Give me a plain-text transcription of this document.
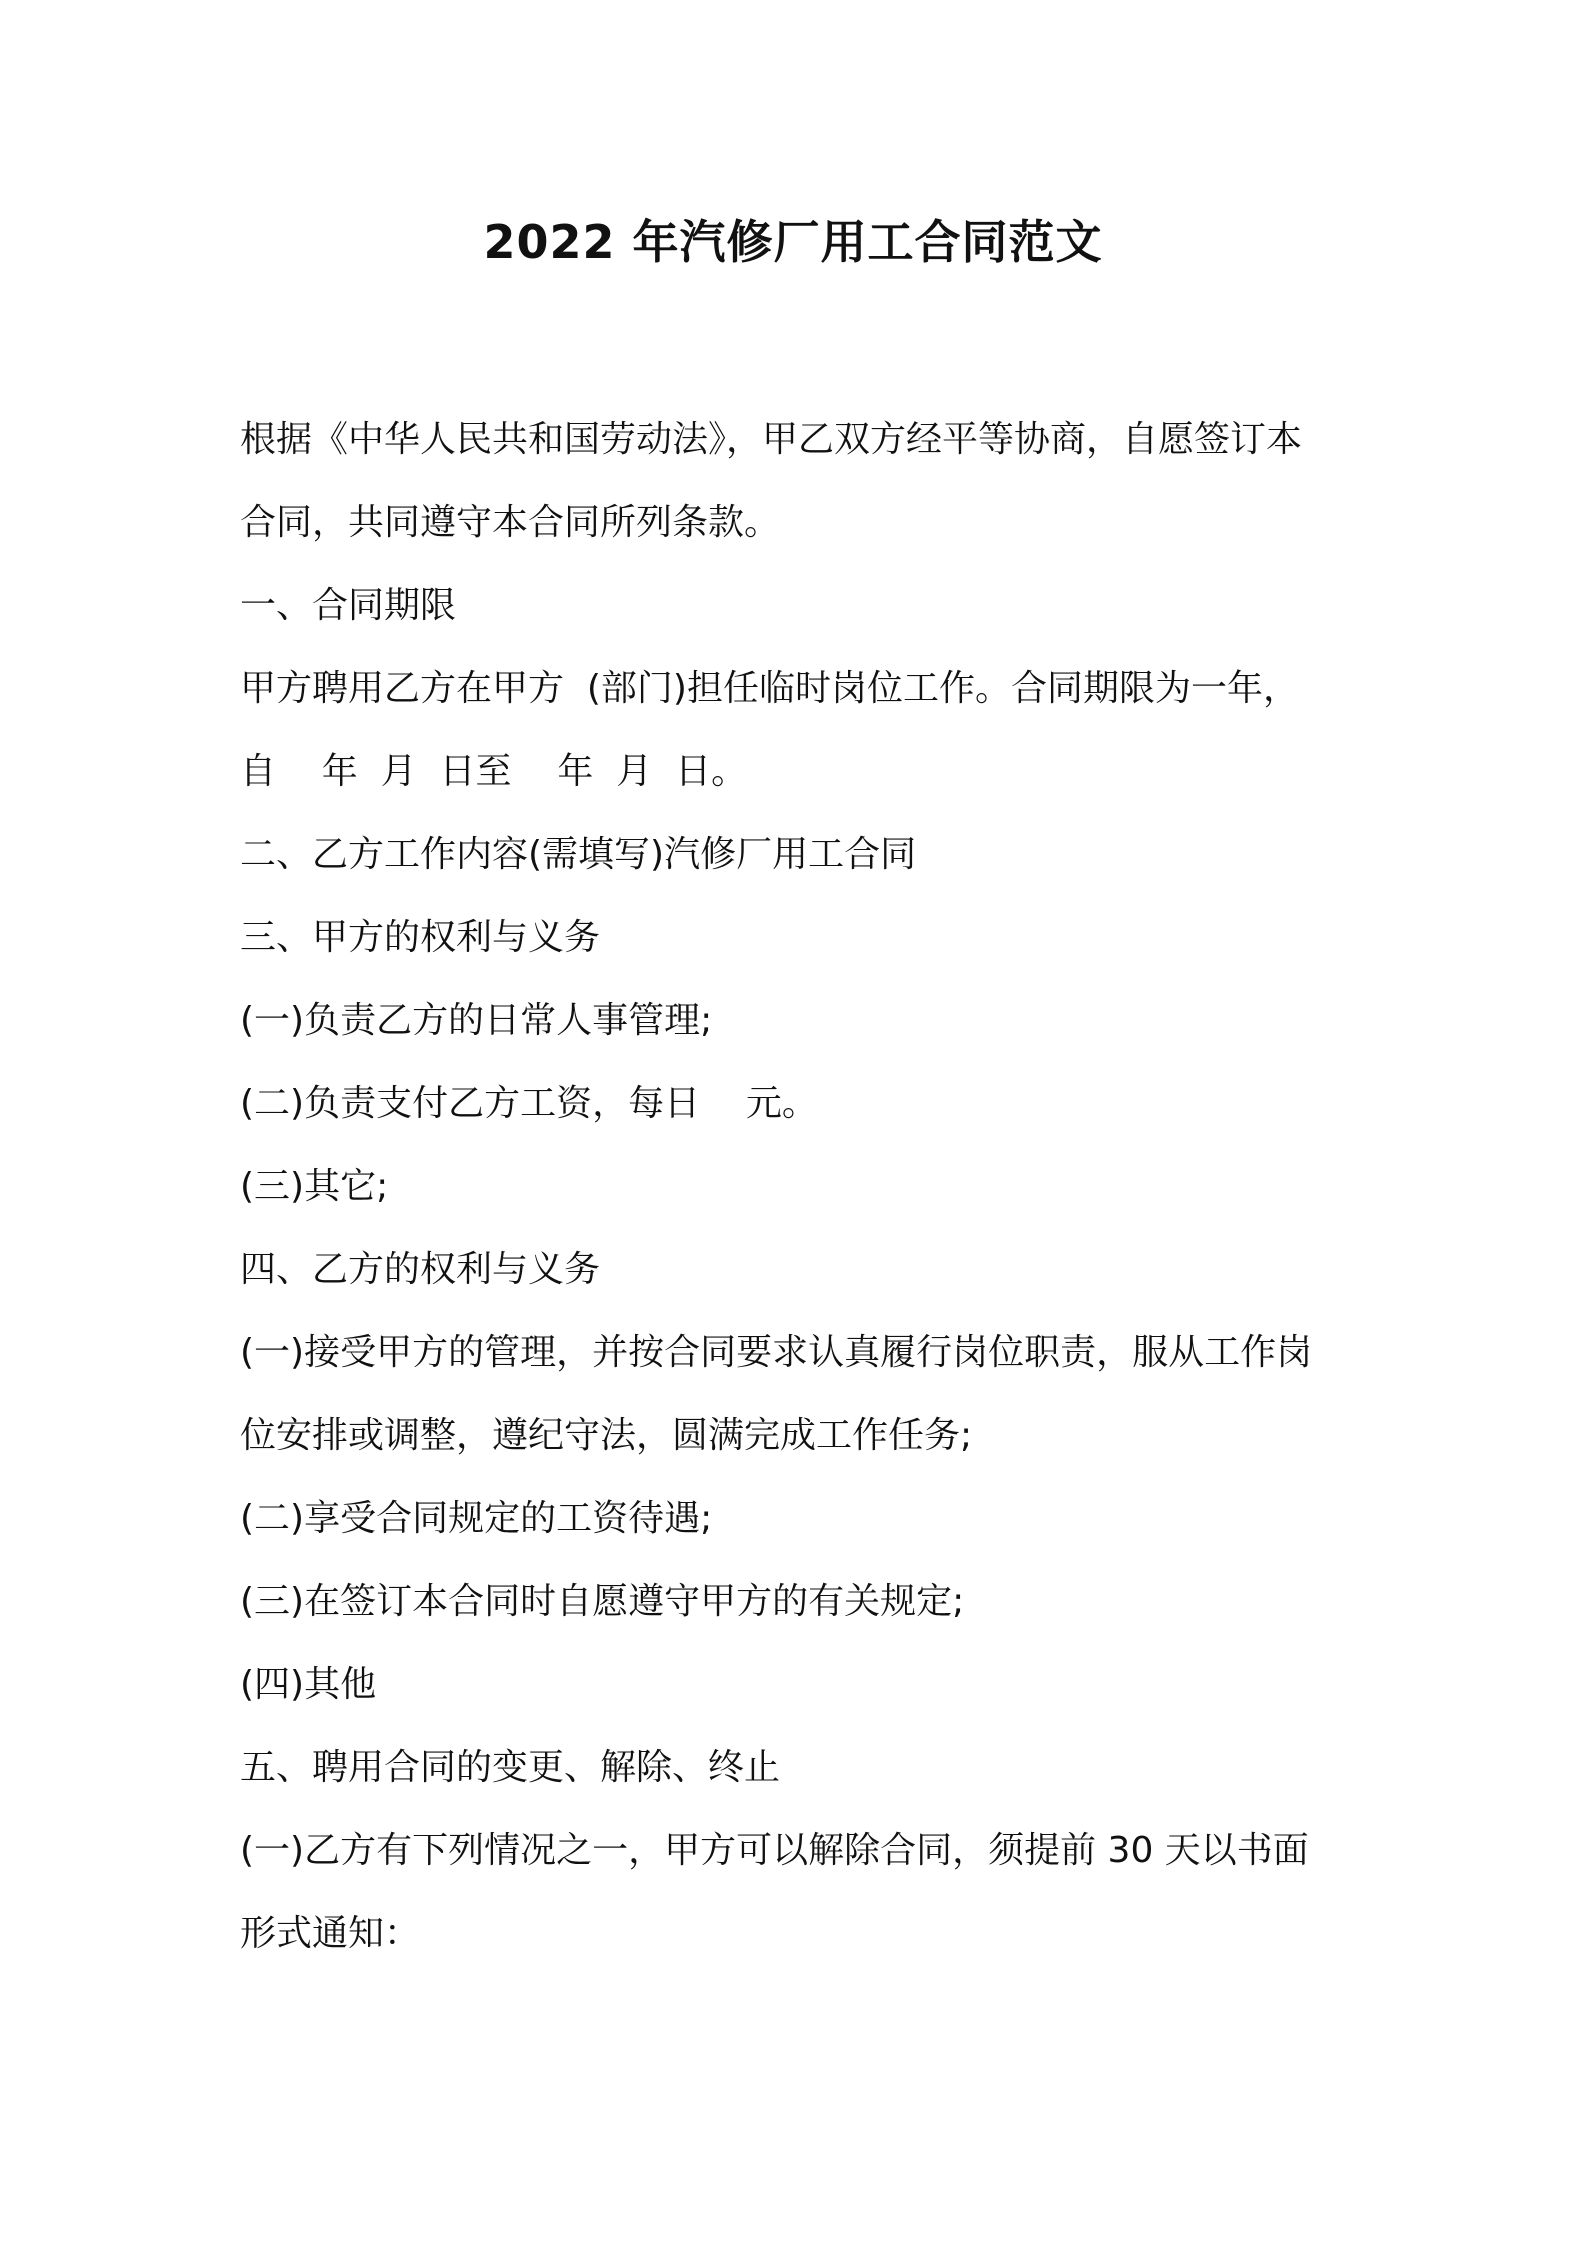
2022 年汽修厂用工合同范文

根据《中华人民共和国劳动法》，甲乙双方经平等协商，自愿签订本

合同，共同遵守本合同所列条款。

一、合同期限

甲方聘用乙方在甲方  (部门)担任临时岗位工作。合同期限为一年，

自    年  月  日至    年  月  日。

二、乙方工作内容(需填写)汽修厂用工合同

三、甲方的权利与义务

(一)负责乙方的日常人事管理;

(二)负责支付乙方工资，每日    元。

(三)其它;

四、乙方的权利与义务

(一)接受甲方的管理，并按合同要求认真履行岗位职责，服从工作岗

位安排或调整，遵纪守法，圆满完成工作任务;

(二)享受合同规定的工资待遇;

(三)在签订本合同时自愿遵守甲方的有关规定;

(四)其他

五、聘用合同的变更、解除、终止

(一)乙方有下列情况之一，甲方可以解除合同，须提前 30 天以书面

形式通知：
